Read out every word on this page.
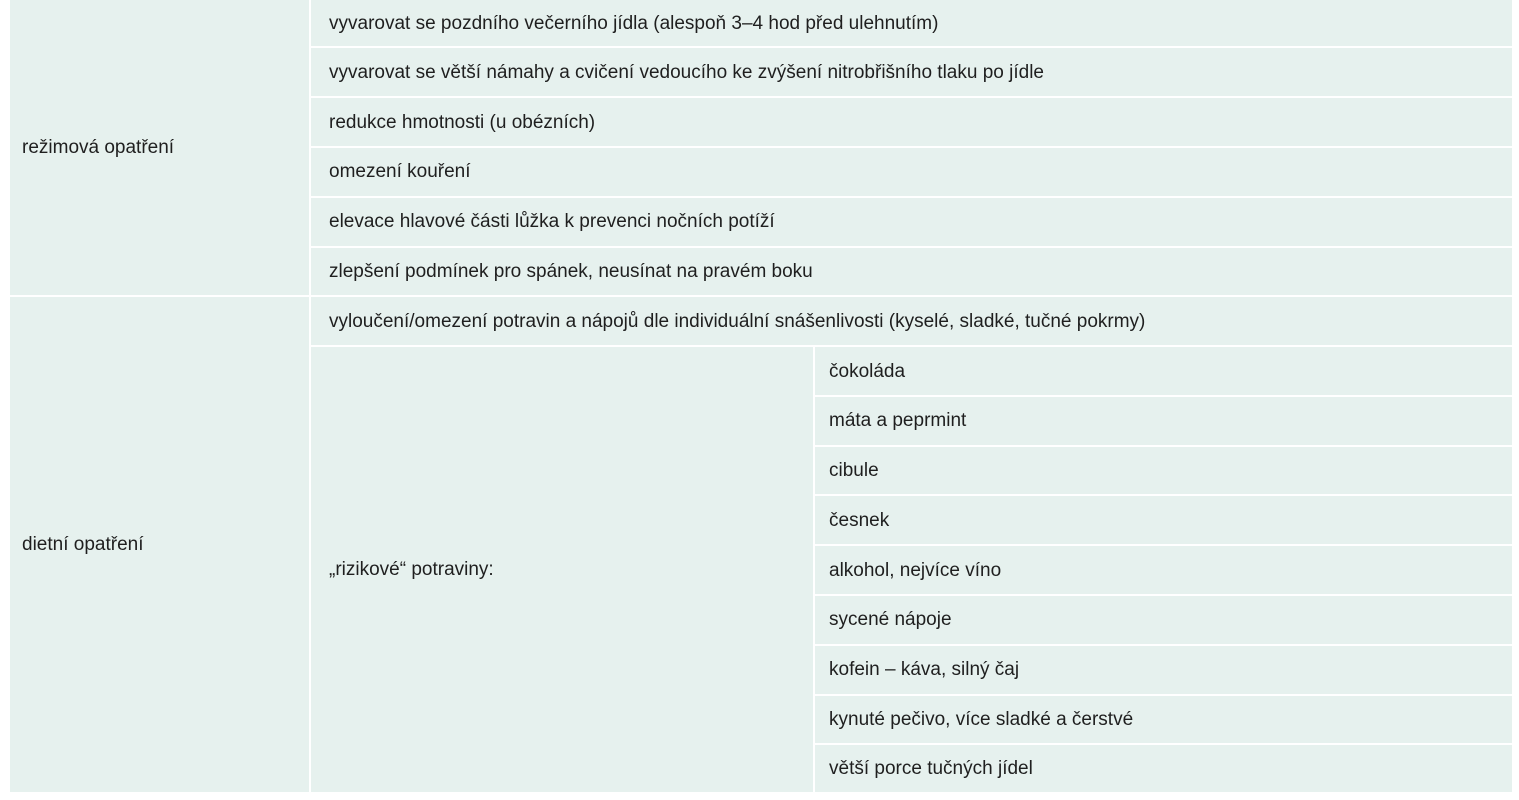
režimová opatření	vyvarovat se pozdního večerního jídla (alespoň 3–4 hod před ulehnutím)	
	vyvarovat se větší námahy a cvičení vedoucího ke zvýšení nitrobřišního tlaku po jídle	
	redukce hmotnosti (u obézních)	
	omezení kouření	
	elevace hlavové části lůžka k prevenci nočních potíží	
	zlepšení podmínek pro spánek, neusínat na pravém boku	
dietní opatření	vyloučení/omezení potravin a nápojů dle individuální snášenlivosti (kyselé, sladké, tučné pokrmy)	
	„rizikové“ potraviny:	čokoláda
		máta a peprmint
		cibule
		česnek
		alkohol, nejvíce víno
		sycené nápoje
		kofein – káva, silný čaj
		kynuté pečivo, více sladké a čerstvé
		větší porce tučných jídel
